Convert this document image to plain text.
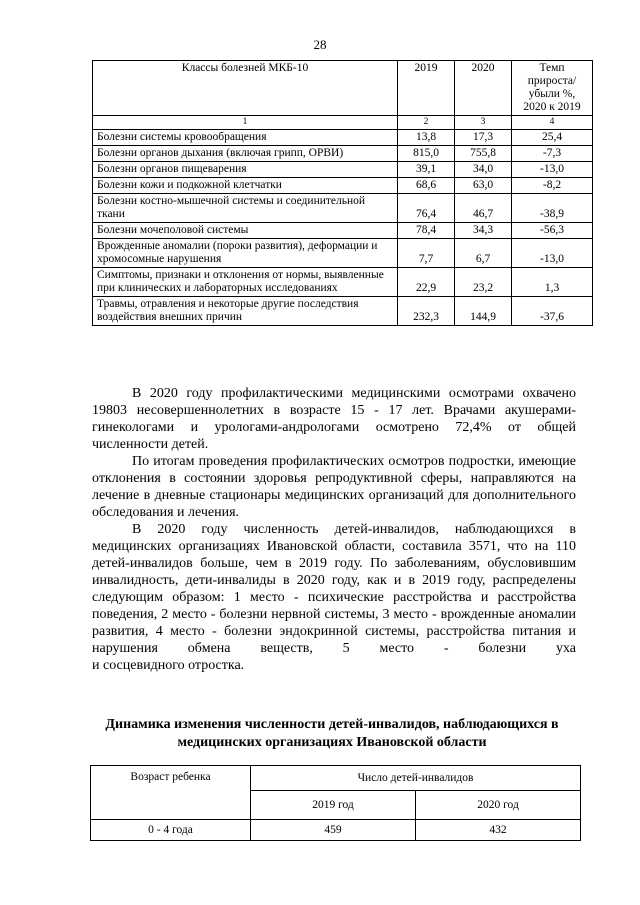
28
Классы болезней МКБ-10	2019	2020	Темп прироста/ убыли %, 2020 к 2019
1	2	3	4
Болезни системы кровообращения	13,8	17,3	25,4
Болезни органов дыхания (включая грипп, ОРВИ)	815,0	755,8	-7,3
Болезни органов пищеварения	39,1	34,0	-13,0
Болезни кожи и подкожной клетчатки	68,6	63,0	-8,2
Болезни костно-мышечной системы и соединительной ткани	76,4	46,7	-38,9
Болезни мочеполовой системы	78,4	34,3	-56,3
Врожденные аномалии (пороки развития), деформации и хромосомные нарушения	7,7	6,7	-13,0
Симптомы, признаки и отклонения от нормы, выявленные при клинических и лабораторных исследованиях	22,9	23,2	1,3
Травмы, отравления и некоторые другие последствия воздействия внешних причин	232,3	144,9	-37,6

В 2020 году профилактическими медицинскими осмотрами охвачено 19803 несовершеннолетних в возрасте 15 - 17 лет. Врачами акушерами-гинекологами и урологами-андрологами осмотрено 72,4% от общей численности детей.

По итогам проведения профилактических осмотров подростки, имеющие отклонения в состоянии здоровья репродуктивной сферы, направляются на лечение в дневные стационары медицинских организаций для дополнительного обследования и лечения.

В 2020 году численность детей-инвалидов, наблюдающихся в медицинских организациях Ивановской области, составила 3571, что на 110 детей-инвалидов больше, чем в 2019 году. По заболеваниям, обусловившим инвалидность, дети-инвалиды в 2020 году, как и в 2019 году, распределены следующим образом: 1 место - психические расстройства и расстройства поведения, 2 место - болезни нервной системы, 3 место - врожденные аномалии развития, 4 место - болезни эндокринной системы, расстройства питания и нарушения обмена веществ, 5 место - болезни уха

и сосцевидного отростка.

Динамика изменения численности детей-инвалидов, наблюдающихся в медицинских организациях Ивановской области
Возраст ребенка	Число детей-инвалидов	
	2019 год	2020 год
0 - 4 года	459	432
